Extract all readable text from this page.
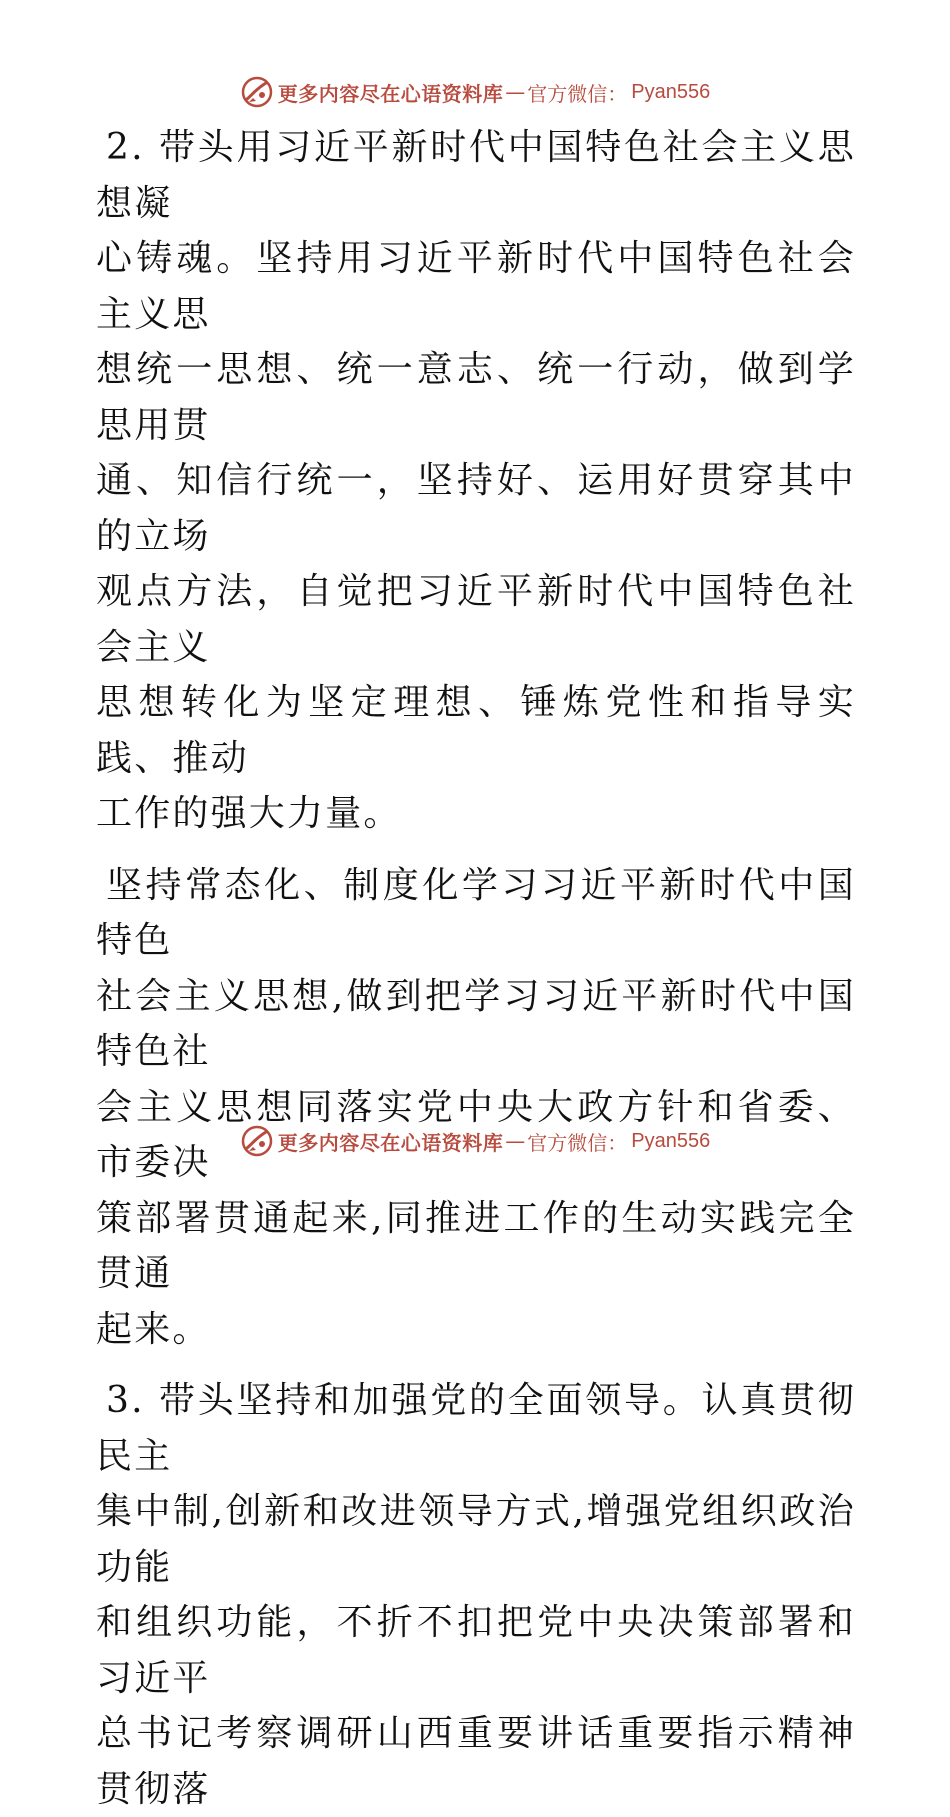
更多内容尽在心语资料库 — 官方微信： Pyan556

2. 带头用习近平新时代中国特色社会主义思想凝
心铸魂。坚持用习近平新时代中国特色社会主义思
想统一思想、统一意志、统一行动，做到学思用贯
通、知信行统一，坚持好、运用好贯穿其中的立场
观点方法，自觉把习近平新时代中国特色社会主义
思想转化为坚定理想、锤炼党性和指导实践、推动
工作的强大力量。

坚持常态化、制度化学习习近平新时代中国特色
社会主义思想,做到把学习习近平新时代中国特色社
会主义思想同落实党中央大政方针和省委、市委决
策部署贯通起来,同推进工作的生动实践完全贯通
起来。

3. 带头坚持和加强党的全面领导。认真贯彻民主
集中制,创新和改进领导方式,增强党组织政治功能
和组织功能，不折不扣把党中央决策部署和习近平
总书记考察调研山西重要讲话重要指示精神贯彻落

更多内容尽在心语资料库 — 官方微信： Pyan556
